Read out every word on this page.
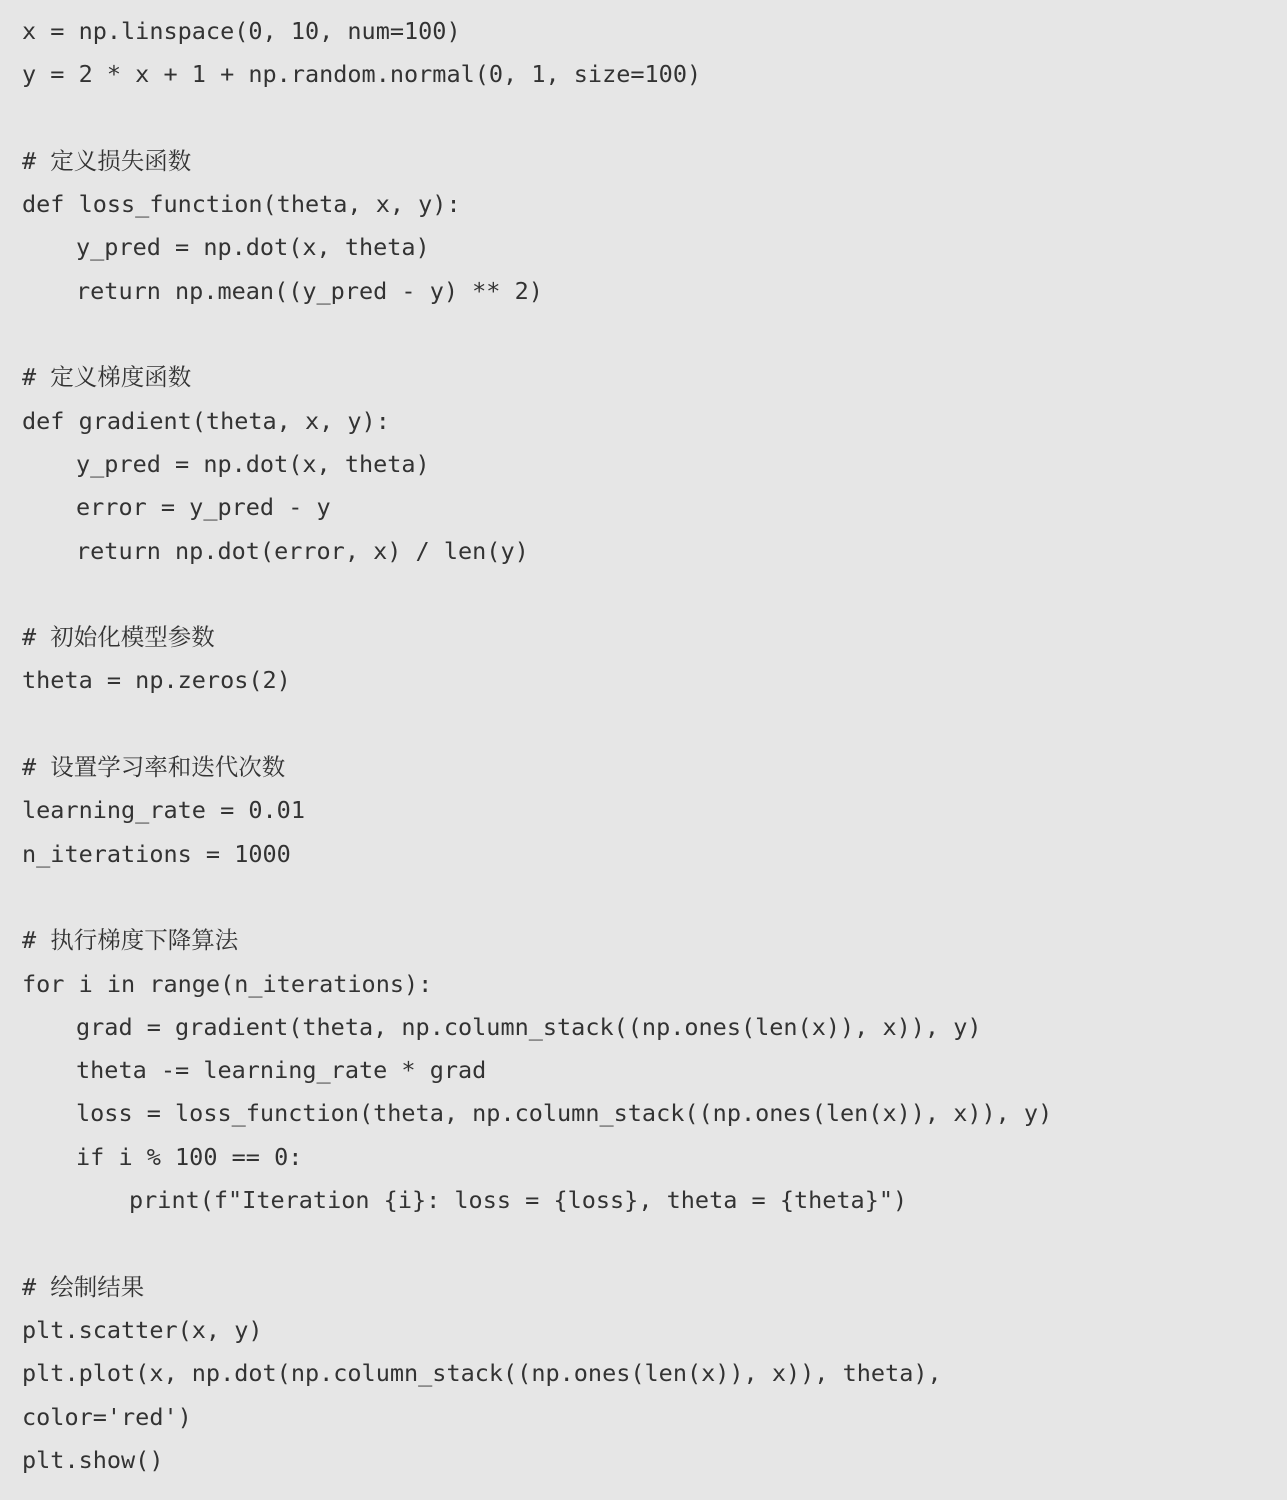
x = np.linspace(0, 10, num=100)
y = 2 * x + 1 + np.random.normal(0, 1, size=100)
# 定义损失函数
def loss_function(theta, x, y):
y_pred = np.dot(x, theta)
return np.mean((y_pred - y) ** 2)
# 定义梯度函数
def gradient(theta, x, y):
y_pred = np.dot(x, theta)
error = y_pred - y
return np.dot(error, x) / len(y)
# 初始化模型参数
theta = np.zeros(2)
# 设置学习率和迭代次数
learning_rate = 0.01
n_iterations = 1000
# 执行梯度下降算法
for i in range(n_iterations):
grad = gradient(theta, np.column_stack((np.ones(len(x)), x)), y)
theta -= learning_rate * grad
loss = loss_function(theta, np.column_stack((np.ones(len(x)), x)), y)
if i % 100 == 0:
print(f"Iteration {i}: loss = {loss}, theta = {theta}")
# 绘制结果
plt.scatter(x, y)
plt.plot(x, np.dot(np.column_stack((np.ones(len(x)), x)), theta),
color='red')
plt.show()
